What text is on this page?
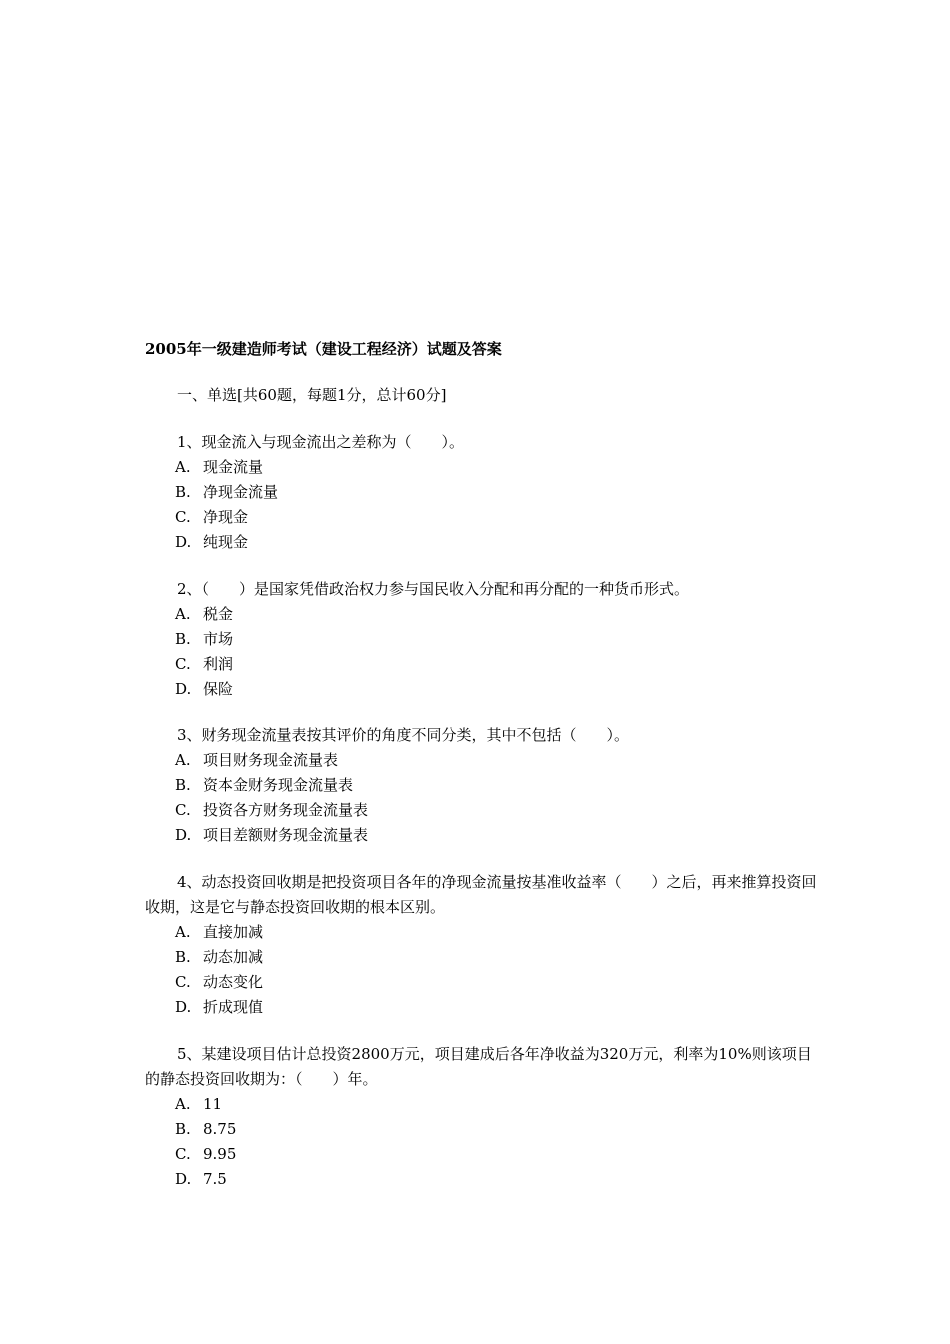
2005年一级建造师考试（建设工程经济）试题及答案
一、单选[共60题，每题1分，总计60分]

1、现金流入与现金流出之差称为（　　）。

A. 现金流量
B. 净现金流量
C. 净现金
D. 纯现金

2、（　　）是国家凭借政治权力参与国民收入分配和再分配的一种货币形式。

A. 税金
B. 市场
C. 利润
D. 保险

3、财务现金流量表按其评价的角度不同分类，其中不包括（　　）。

A. 项目财务现金流量表
B. 资本金财务现金流量表
C. 投资各方财务现金流量表
D. 项目差额财务现金流量表

4、动态投资回收期是把投资项目各年的净现金流量按基准收益率（　　）之后，再来推算投资回收期，这是它与静态投资回收期的根本区别。

A. 直接加减
B. 动态加减
C. 动态变化
D. 折成现值

5、某建设项目估计总投资2800万元，项目建成后各年净收益为320万元，利率为10%则该项目的静态投资回收期为：（　　）年。

A. 11
B. 8.75
C. 9.95
D. 7.5
